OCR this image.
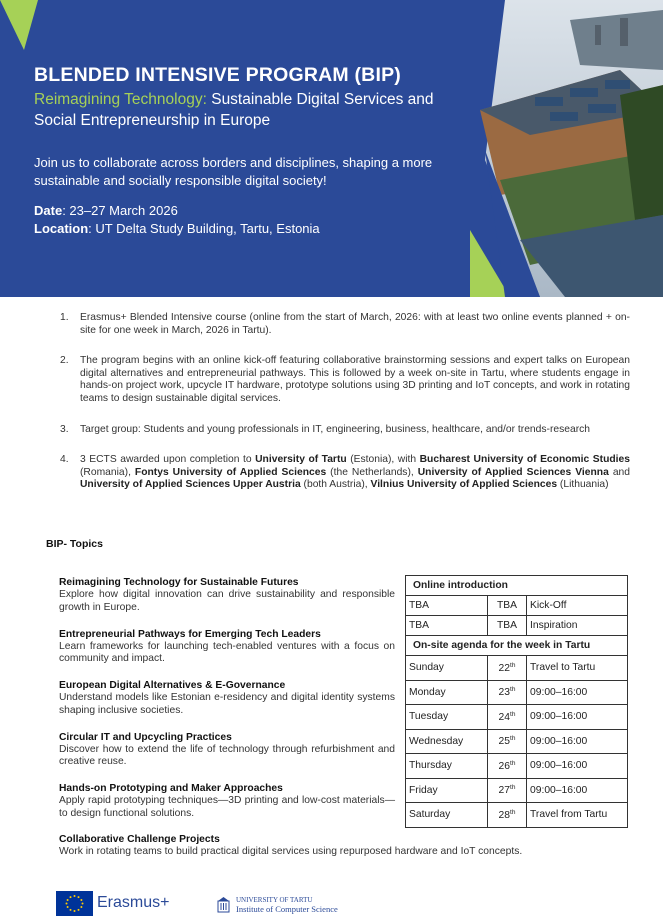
BLENDED INTENSIVE PROGRAM (BIP)
Reimagining Technology: Sustainable Digital Services and Social Entrepreneurship in Europe
Join us to collaborate across borders and disciplines, shaping a more sustainable and socially responsible digital society!
Date: 23–27 March 2026
Location: UT Delta Study Building, Tartu, Estonia
1.	Erasmus+ Blended Intensive course (online from the start of March, 2026: with at least two online events planned + on-site for one week in March, 2026 in Tartu).
2.	The program begins with an online kick-off featuring collaborative brainstorming sessions and expert talks on European digital alternatives and entrepreneurial pathways. This is followed by a week on-site in Tartu, where students engage in hands-on project work, upcycle IT hardware, prototype solutions using 3D printing and IoT concepts, and work in rotating teams to design sustainable digital services.
3.	Target group: Students and young professionals in IT, engineering, business, healthcare, and/or trends-research
4.	3 ECTS awarded upon completion to University of Tartu (Estonia), with Bucharest University of Economic Studies (Romania), Fontys University of Applied Sciences (the Netherlands), University of Applied Sciences Vienna and University of Applied Sciences Upper Austria (both Austria), Vilnius University of Applied Sciences (Lithuania)
BIP- Topics
Reimagining Technology for Sustainable Futures
Explore how digital innovation can drive sustainability and responsible growth in Europe.
Entrepreneurial Pathways for Emerging Tech Leaders
Learn frameworks for launching tech-enabled ventures with a focus on community and impact.
European Digital Alternatives & E-Governance
Understand models like Estonian e-residency and digital identity systems shaping inclusive societies.
Circular IT and Upcycling Practices
Discover how to extend the life of technology through refurbishment and creative reuse.
Hands-on Prototyping and Maker Approaches
Apply rapid prototyping techniques—3D printing and low-cost materials—to design functional solutions.
Collaborative Challenge Projects
Work in rotating teams to build practical digital services using repurposed hardware and IoT concepts.
Online introduction		
TBA	TBA	Kick-Off
TBA	TBA	Inspiration
On-site agenda for the week in Tartu		
Sunday	22th	Travel to Tartu
Monday	23th	09:00–16:00
Tuesday	24th	09:00–16:00
Wednesday	25th	09:00–16:00
Thursday	26th	09:00–16:00
Friday	27th	09:00–16:00
Saturday	28th	Travel from Tartu
Erasmus+	UNIVERSITY OF TARTU
Institute of Computer Science
